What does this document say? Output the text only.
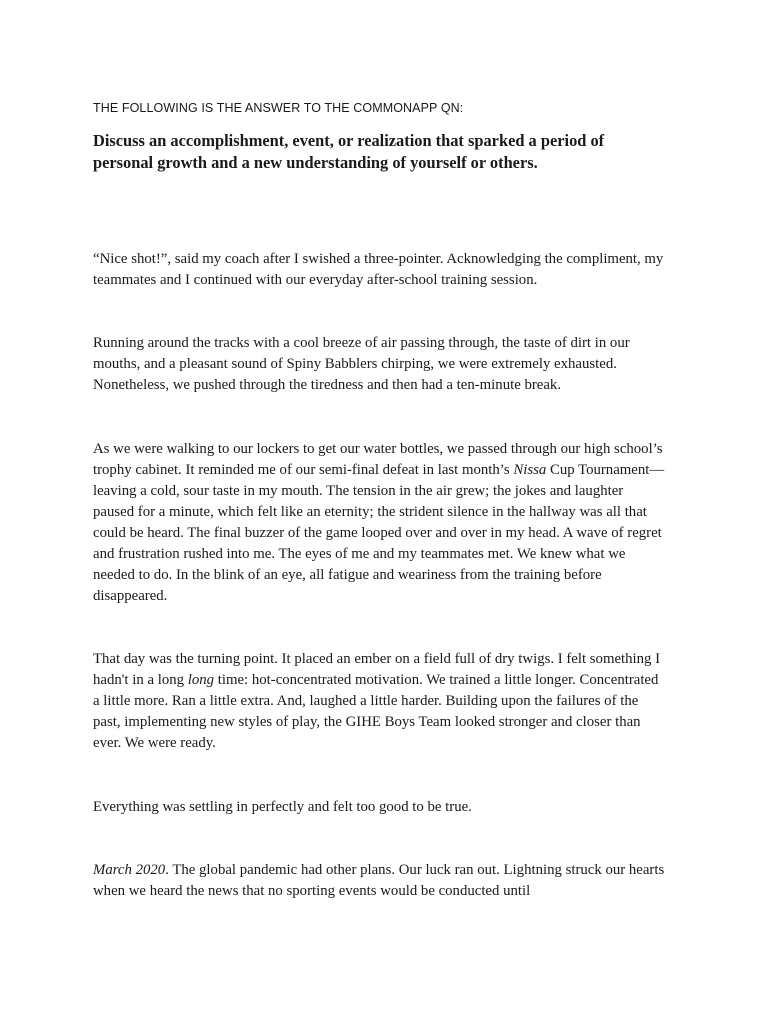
THE FOLLOWING IS THE ANSWER TO THE COMMONAPP QN:

Discuss an accomplishment, event, or realization that sparked a period of personal growth and a new understanding of yourself or others.

“Nice shot!”, said my coach after I swished a three-pointer. Acknowledging the compliment, my teammates and I continued with our everyday after-school training session.

Running around the tracks with a cool breeze of air passing through, the taste of dirt in our mouths, and a pleasant sound of Spiny Babblers chirping, we were extremely exhausted. Nonetheless, we pushed through the tiredness and then had a ten-minute break.

As we were walking to our lockers to get our water bottles, we passed through our high school’s trophy cabinet. It reminded me of our semi-final defeat in last month’s Nissa Cup Tournament—leaving a cold, sour taste in my mouth. The tension in the air grew; the jokes and laughter paused for a minute, which felt like an eternity; the strident silence in the hallway was all that could be heard. The final buzzer of the game looped over and over in my head. A wave of regret and frustration rushed into me. The eyes of me and my teammates met. We knew what we needed to do. In the blink of an eye, all fatigue and weariness from the training before disappeared.

That day was the turning point. It placed an ember on a field full of dry twigs. I felt something I hadn't in a long long time: hot-concentrated motivation. We trained a little longer. Concentrated a little more. Ran a little extra. And, laughed a little harder. Building upon the failures of the past, implementing new styles of play, the GIHE Boys Team looked stronger and closer than ever. We were ready.

Everything was settling in perfectly and felt too good to be true.

March 2020. The global pandemic had other plans. Our luck ran out. Lightning struck our hearts when we heard the news that no sporting events would be conducted until
